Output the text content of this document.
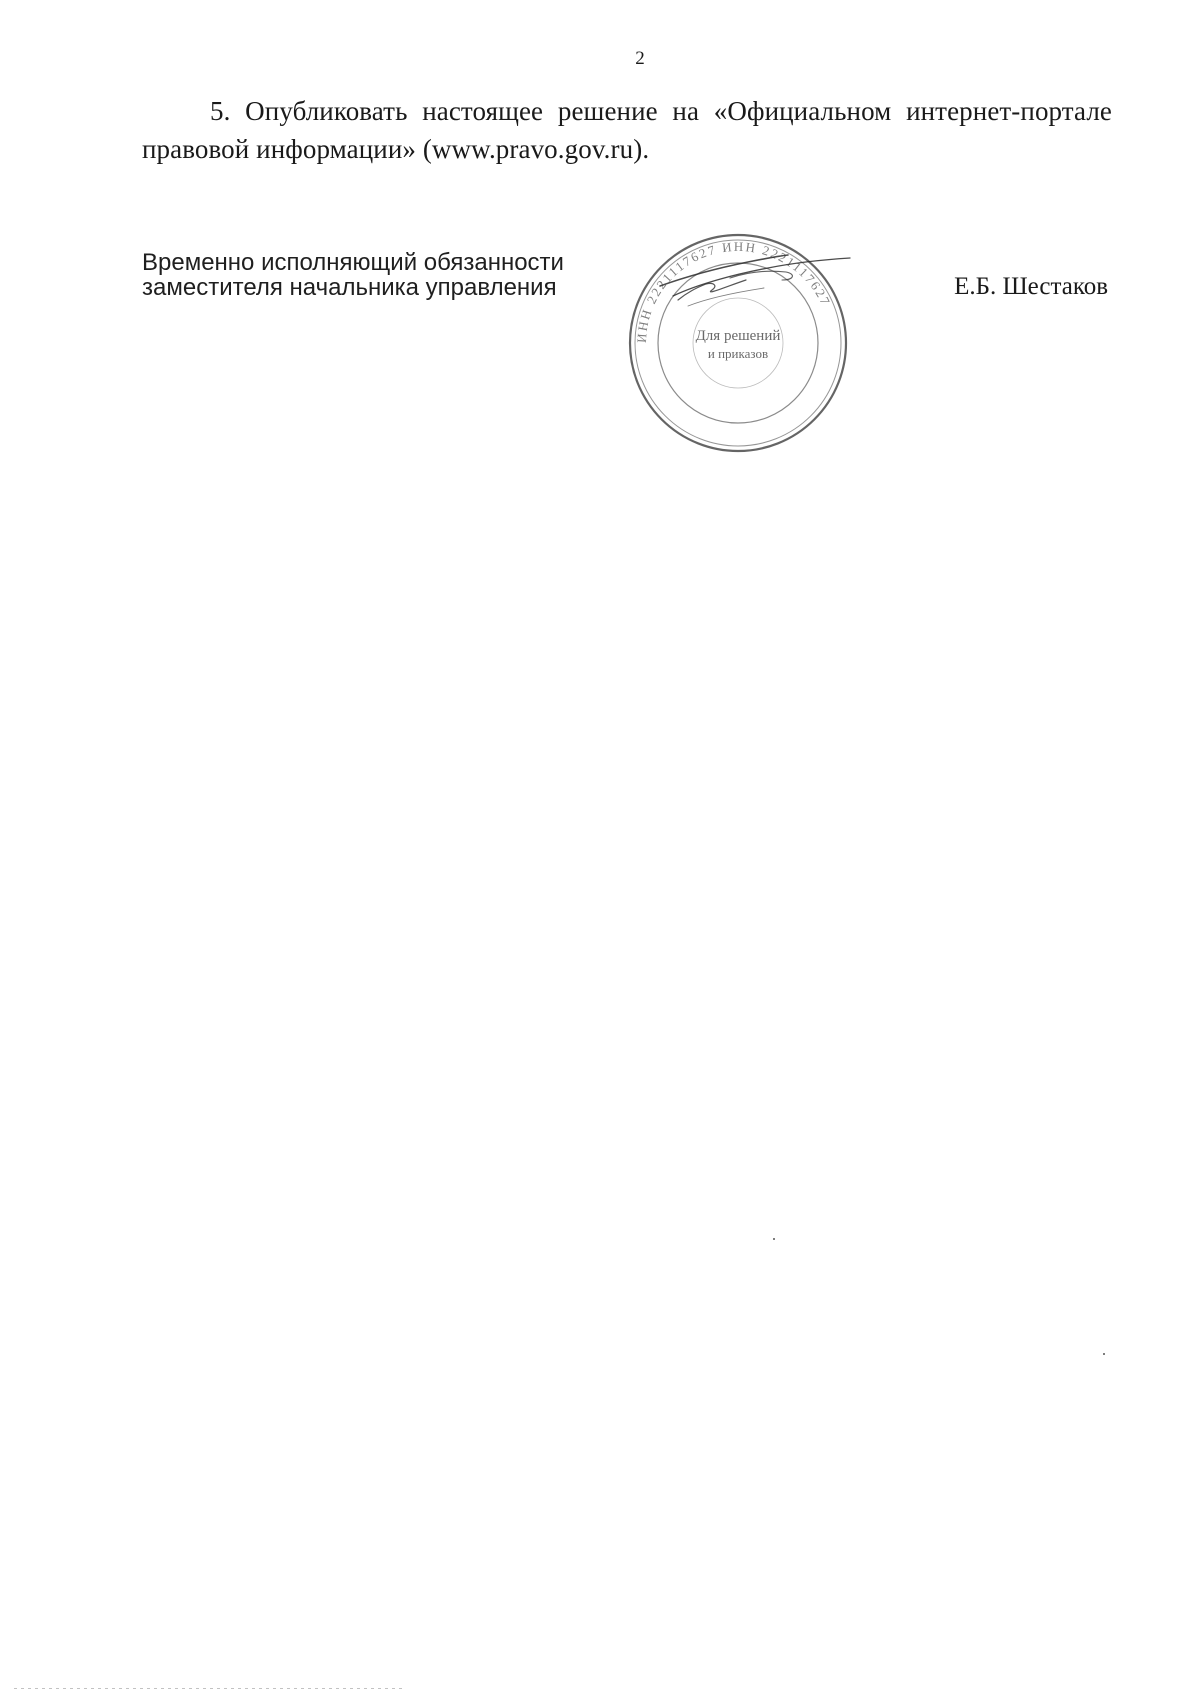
2
5. Опубликовать настоящее решение на «Официальном интернет-портале правовой информации» (www.pravo.gov.ru).
Временно исполняющий обязанности
заместителя начальника управления
ИНН 2221117627 ИНН 2221117627
Для решений
и приказов
Е.Б. Шестаков
